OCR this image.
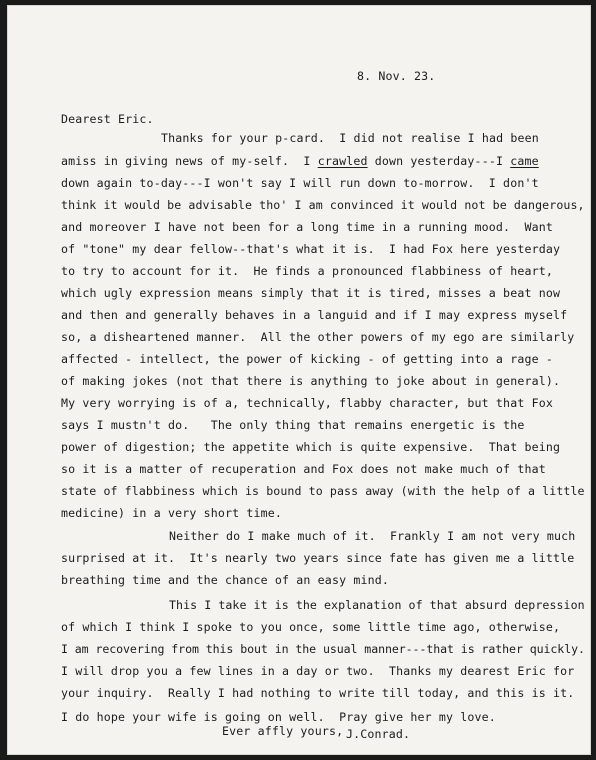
8. Nov. 23.
Dearest Eric.
Thanks for your p-card.  I did not realise I had been
amiss in giving news of my-self.  I crawled down yesterday---I came
down again to-day---I won't say I will run down to-morrow.  I don't
think it would be advisable tho' I am convinced it would not be dangerous,
and moreover I have not been for a long time in a running mood.  Want
of "tone" my dear fellow--that's what it is.  I had Fox here yesterday
to try to account for it.  He finds a pronounced flabbiness of heart,
which ugly expression means simply that it is tired, misses a beat now
and then and generally behaves in a languid and if I may express myself
so, a disheartened manner.  All the other powers of my ego are similarly
affected - intellect, the power of kicking - of getting into a rage -
of making jokes (not that there is anything to joke about in general).
My very worrying is of a, technically, flabby character, but that Fox
says I mustn't do.   The only thing that remains energetic is the
power of digestion; the appetite which is quite expensive.  That being
so it is a matter of recuperation and Fox does not make much of that
state of flabbiness which is bound to pass away (with the help of a little
medicine) in a very short time.
Neither do I make much of it.  Frankly I am not very much
surprised at it.  It's nearly two years since fate has given me a little
breathing time and the chance of an easy mind.
This I take it is the explanation of that absurd depression
of which I think I spoke to you once, some little time ago, otherwise,
I am recovering from this bout in the usual manner---that is rather quickly.
I will drop you a few lines in a day or two.  Thanks my dearest Eric for
your inquiry.  Really I had nothing to write till today, and this is it.
I do hope your wife is going on well.  Pray give her my love.
Ever affly yours, J.Conrad.
